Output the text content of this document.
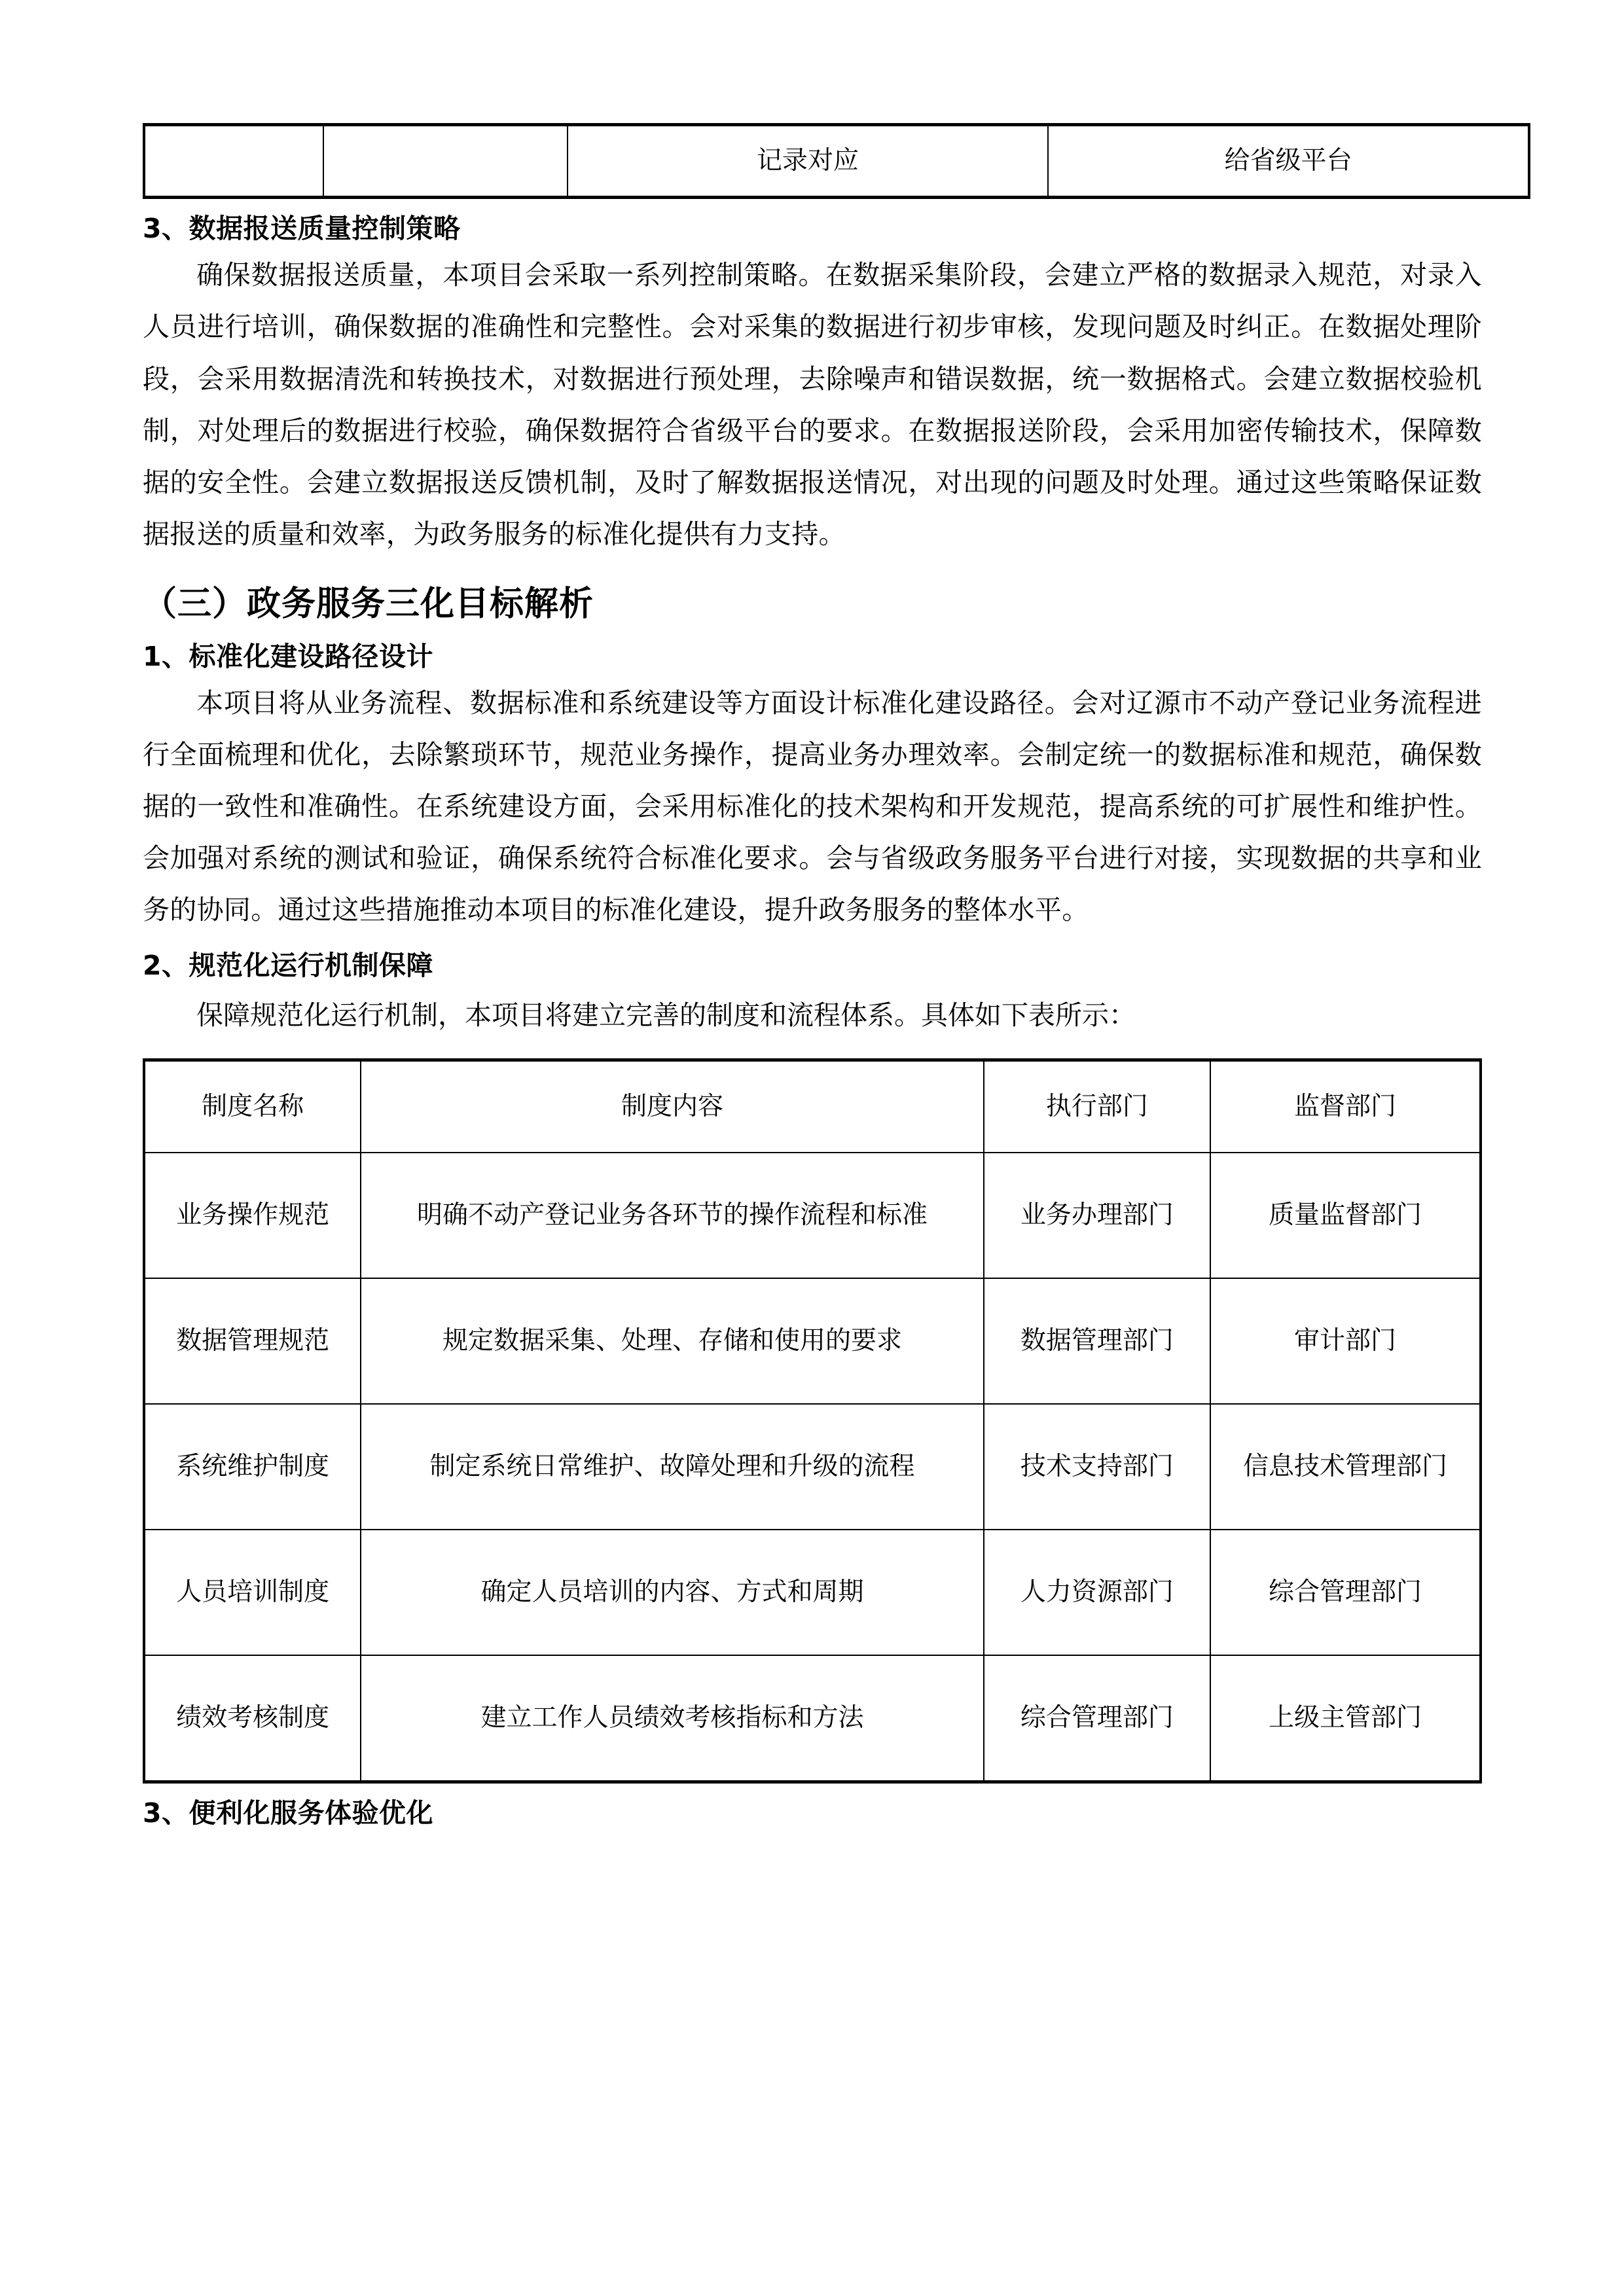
		记录对应	给省级平台
3、数据报送质量控制策略

确保数据报送质量，本项目会采取一系列控制策略。在数据采集阶段，会建立严格的数据录入规范，对录入人员进行培训，确保数据的准确性和完整性。会对采集的数据进行初步审核，发现问题及时纠正。在数据处理阶段，会采用数据清洗和转换技术，对数据进行预处理，去除噪声和错误数据，统一数据格式。会建立数据校验机制，对处理后的数据进行校验，确保数据符合省级平台的要求。在数据报送阶段，会采用加密传输技术，保障数据的安全性。会建立数据报送反馈机制，及时了解数据报送情况，对出现的问题及时处理。通过这些策略保证数据报送的质量和效率，为政务服务的标准化提供有力支持。

（三）政务服务三化目标解析
1、标准化建设路径设计

本项目将从业务流程、数据标准和系统建设等方面设计标准化建设路径。会对辽源市不动产登记业务流程进行全面梳理和优化，去除繁琐环节，规范业务操作，提高业务办理效率。会制定统一的数据标准和规范，确保数据的一致性和准确性。在系统建设方面，会采用标准化的技术架构和开发规范，提高系统的可扩展性和维护性。会加强对系统的测试和验证，确保系统符合标准化要求。会与省级政务服务平台进行对接，实现数据的共享和业务的协同。通过这些措施推动本项目的标准化建设，提升政务服务的整体水平。

2、规范化运行机制保障

保障规范化运行机制，本项目将建立完善的制度和流程体系。具体如下表所示：

制度名称	制度内容	执行部门	监督部门
业务操作规范	明确不动产登记业务各环节的操作流程和标准	业务办理部门	质量监督部门
数据管理规范	规定数据采集、处理、存储和使用的要求	数据管理部门	审计部门
系统维护制度	制定系统日常维护、故障处理和升级的流程	技术支持部门	信息技术管理部门
人员培训制度	确定人员培训的内容、方式和周期	人力资源部门	综合管理部门
绩效考核制度	建立工作人员绩效考核指标和方法	综合管理部门	上级主管部门
3、便利化服务体验优化
